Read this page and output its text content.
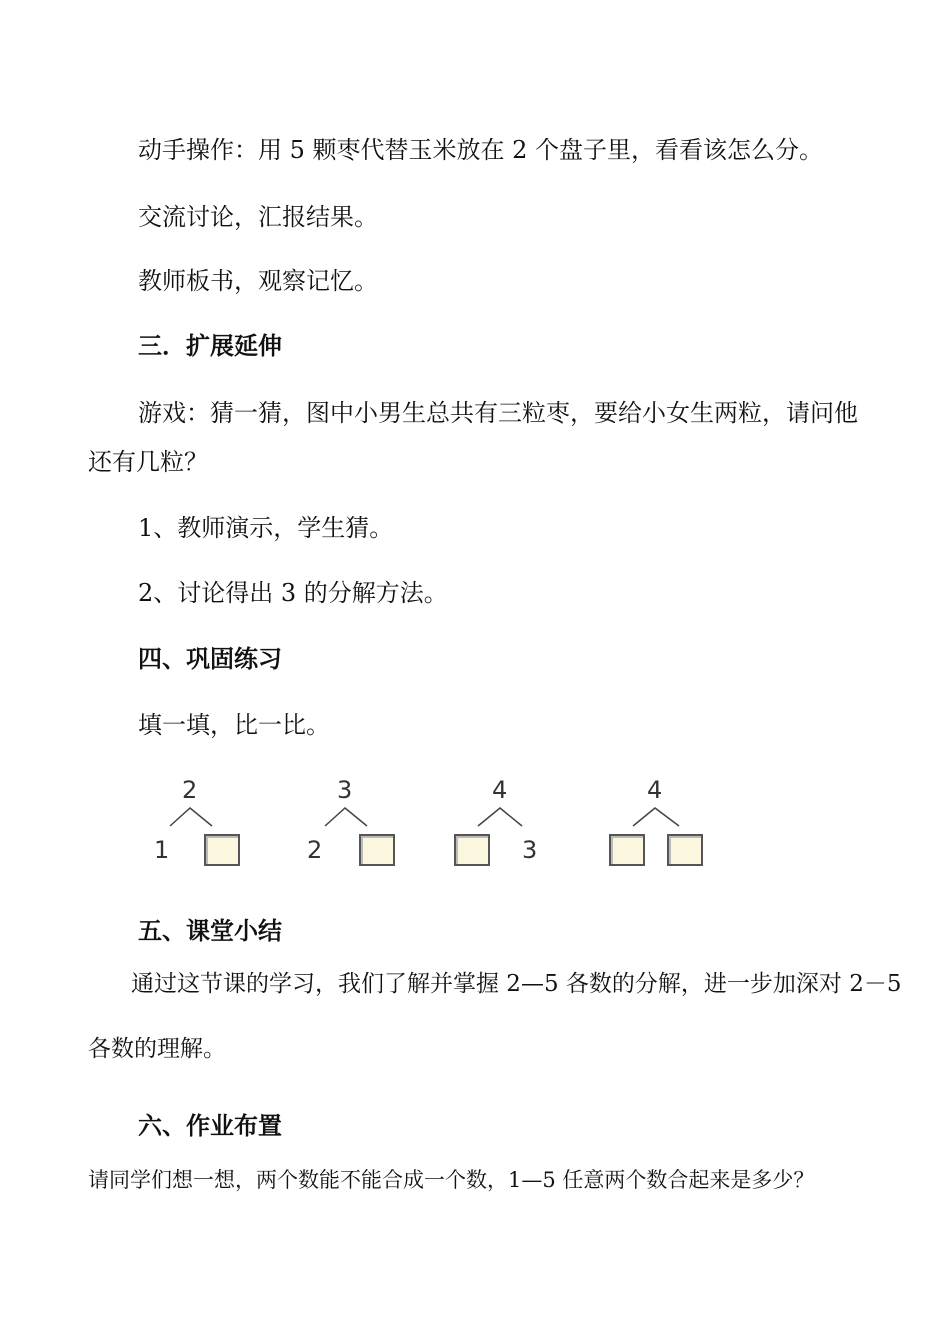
动手操作：用 5 颗枣代替玉米放在 2 个盘子里，看看该怎么分。
交流讨论，汇报结果。
教师板书，观察记忆。
三．扩展延伸
游戏：猜一猜，图中小男生总共有三粒枣，要给小女生两粒，请问他
还有几粒？
1、教师演示，学生猜。
2、讨论得出 3 的分解方法。
四、巩固练习
填一填，比一比。
2
1
3
2
4
3
4
五、课堂小结
通过这节课的学习，我们了解并掌握 2—5 各数的分解，进一步加深对 2－5
各数的理解。
六、作业布置
请同学们想一想，两个数能不能合成一个数，1—5 任意两个数合起来是多少？
